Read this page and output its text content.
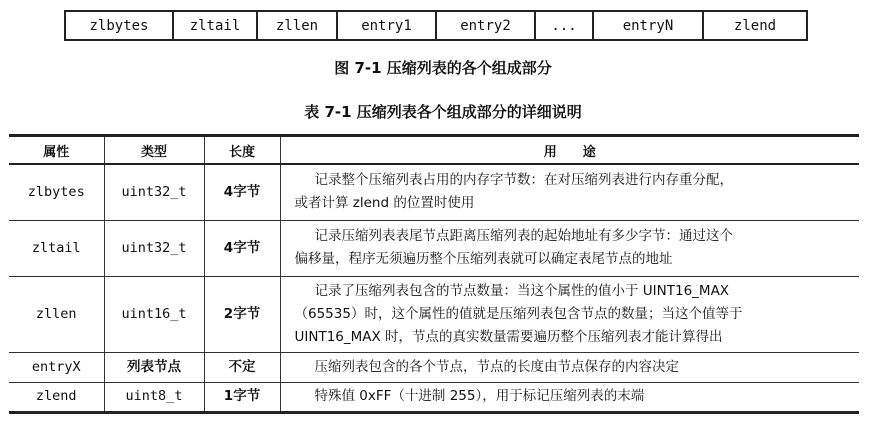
zlbytes	zltail	zllen	entry1	entry2	...	entryN	zlend
图 7-1 压缩列表的各个组成部分
表 7-1 压缩列表各个组成部分的详细说明
属性	类型	长度	用　　途
zlbytes	uint32_t	4字节	记录整个压缩列表占用的内存字节数：在对压缩列表进行内存重分配，
或者计算 zlend 的位置时使用

zltail	uint32_t	4字节	记录压缩列表表尾节点距离压缩列表的起始地址有多少字节：通过这个
偏移量，程序无须遍历整个压缩列表就可以确定表尾节点的地址

zllen	uint16_t	2字节	记录了压缩列表包含的节点数量：当这个属性的值小于 UINT16_MAX
（65535）时，这个属性的值就是压缩列表包含节点的数量；当这个值等于
UINT16_MAX 时，节点的真实数量需要遍历整个压缩列表才能计算得出

entryX	列表节点	不定	压缩列表包含的各个节点，节点的长度由节点保存的内容决定

zlend	uint8_t	1字节	特殊值 0xFF（十进制 255），用于标记压缩列表的末端
